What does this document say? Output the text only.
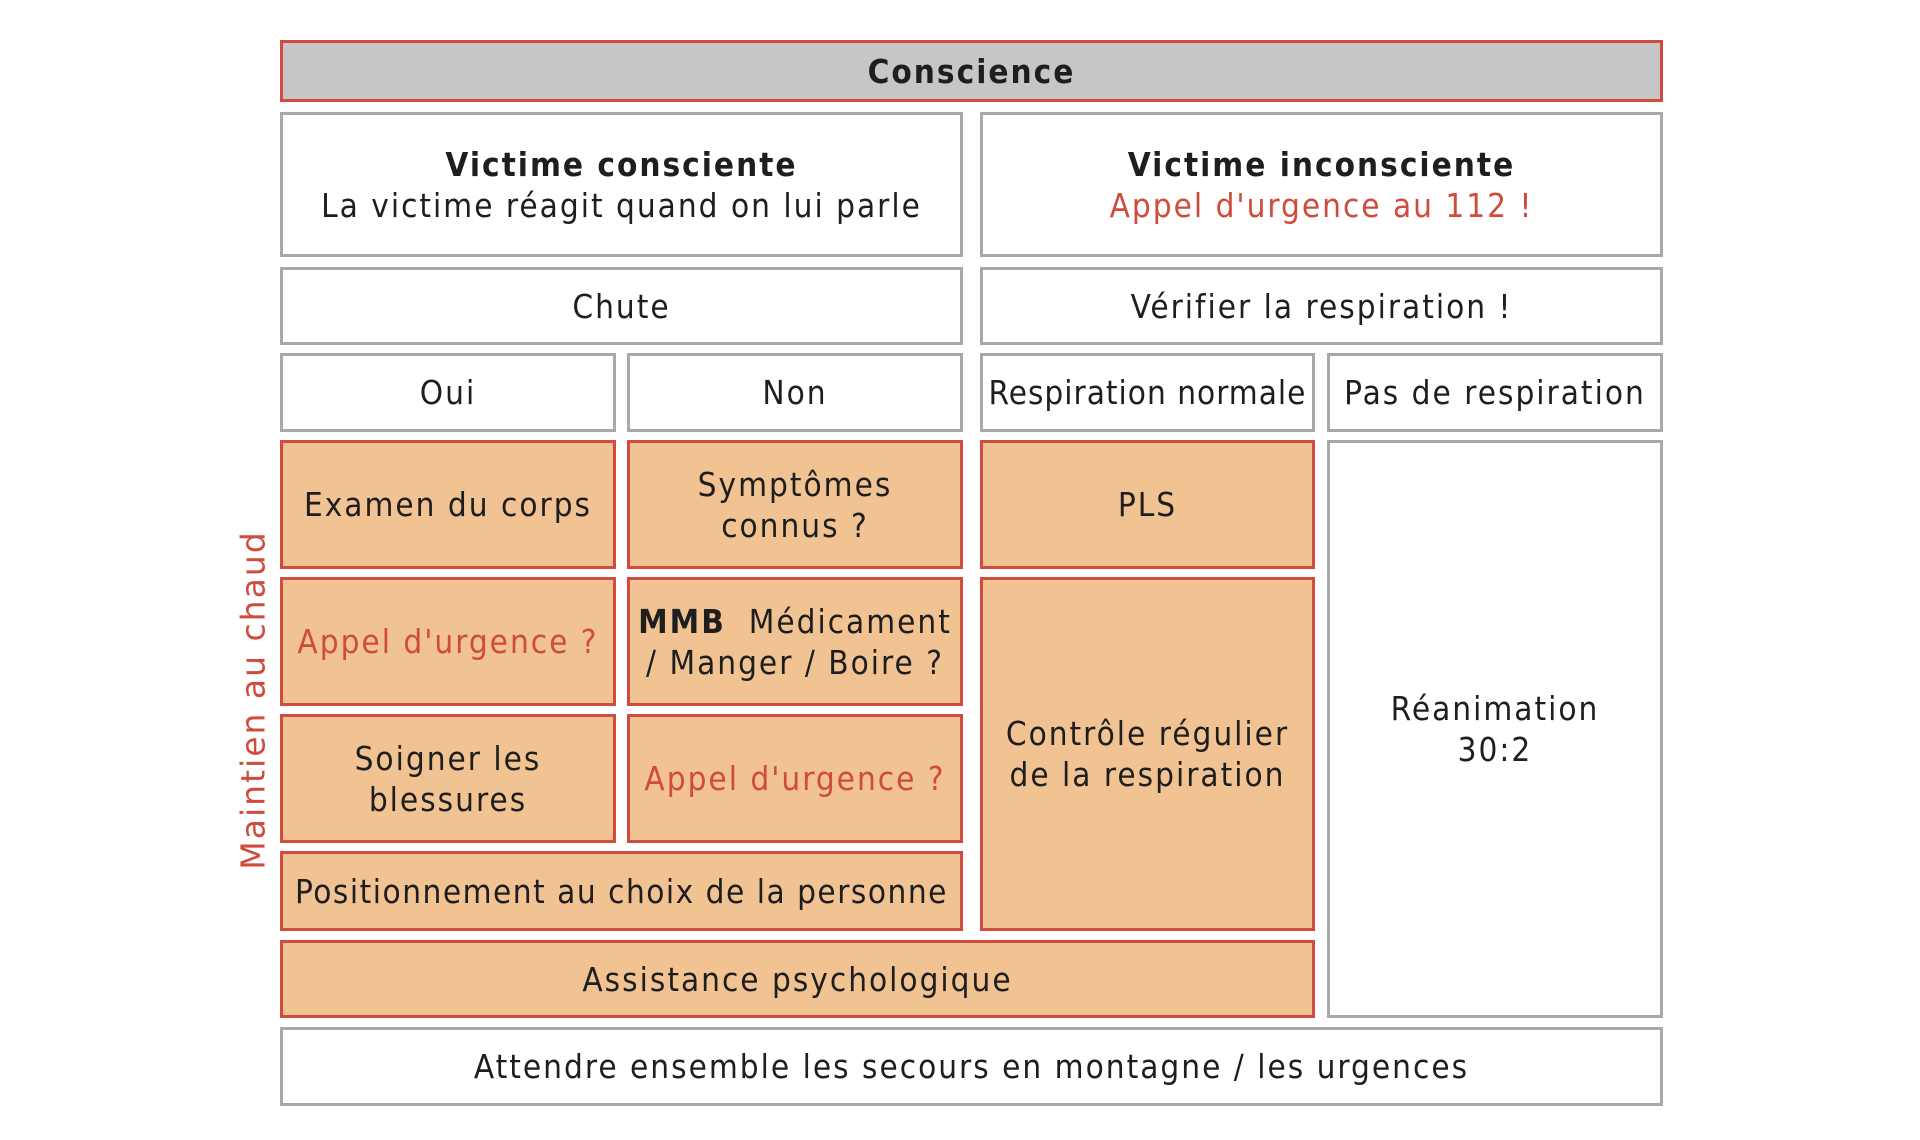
Conscience
Victime consciente
La victime réagit quand on lui parle
Victime inconsciente
Appel d'urgence au 112 !
Chute	Vérifier la respiration !
Oui	Non	Respiration normale Pas de respiration
Examen du corps
Symptômes
connus ?
PLS
Réanimation
30:2
Appel d'urgence ?
MMB Médicament
/ Manger / Boire ?
Contrôle régulier
de la respiration
Soigner les
blessures
Appel d'urgence ?
Positionnement au choix de la personne
Assistance psychologique
Attendre ensemble les secours en montagne / les urgences
Maintien au chaud
